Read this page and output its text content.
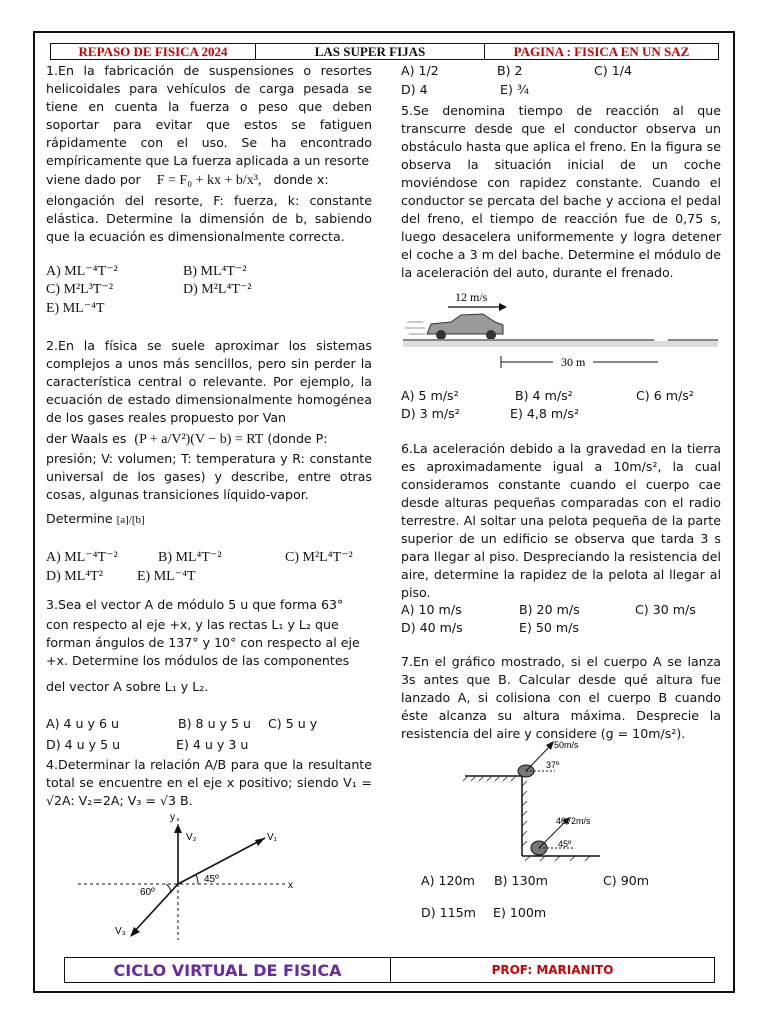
REPASO DE FISICA 2024	LAS SUPER FIJAS	PAGINA : FISICA EN UN SAZ
1.En la fabricación de suspensiones o resortes helicoidales para vehículos de carga pesada se tiene en cuenta la fuerza o peso que deben soportar para evitar que estos se fatiguen rápidamente con el uso. Se ha encontrado empíricamente que La fuerza aplicada a un resorte
viene dado por F = F₀ + kx + b/x³, donde x:
elongación del resorte, F: fuerza, k: constante elástica. Determine la dimensión de b, sabiendo que la ecuación es dimensionalmente correcta.
A) ML⁻⁴T⁻²	B) ML⁴T⁻²
C) M²L³T⁻²	D) M²L⁴T⁻²
E) ML⁻⁴T
2.En la física se suele aproximar los sistemas complejos a unos más sencillos, pero sin perder la característica central o relevante. Por ejemplo, la ecuación de estado dimensionalmente homogénea de los gases reales propuesto por Van
der Waals es (P + a/V²)(V − b) = RT (donde P:
presión; V: volumen; T: temperatura y R: constante universal de los gases) y describe, entre otras cosas, algunas transiciones líquido-vapor.
Determine [a]/[b]
A) ML⁻⁴T⁻²	B) ML⁴T⁻²	C) M²L⁴T⁻²
D) ML⁴T² E) ML⁻⁴T
3.Sea el vector A de módulo 5 u que forma 63°
con respecto al eje +x, y las rectas L₁ y L₂ que
forman ángulos de 137° y 10° con respecto al eje
+x. Determine los módulos de las componentes
del vector A sobre L₁ y L₂.
A) 4 u y 6 u	B) 8 u y 5 u C) 5 u y
D) 4 u y 5 u	E) 4 u y 3 u
4.Determinar la relación A/B para que la resultante total se encuentre en el eje x positivo; siendo V₁ = √2A: V₂=2A; V₃ = √3 B.
y
x
V₁
V₂
V₃
45º
60º
A) 1/2	B) 2	C) 1/4
D) 4	E) ¾
5.Se denomina tiempo de reacción al que transcurre desde que el conductor observa un obstáculo hasta que aplica el freno. En la figura se observa la situación inicial de un coche moviéndose con rapidez constante. Cuando el conductor se percata del bache y acciona el pedal del freno, el tiempo de reacción fue de 0,75 s, luego desacelera uniformemente y logra detener el coche a 3 m del bache. Determine el módulo de la aceleración del auto, durante el frenado.
12 m/s
30 m
A) 5 m/s²	B) 4 m/s²	C) 6 m/s²
D) 3 m/s²	E) 4,8 m/s²
6.La aceleración debido a la gravedad en la tierra es aproximadamente igual a 10m/s², la cual consideramos constante cuando el cuerpo cae desde alturas pequeñas comparadas con el radio terrestre. Al soltar una pelota pequeña de la parte superior de un edificio se observa que tarda 3 s para llegar al piso. Despreciando la resistencia del aire, determine la rapidez de la pelota al llegar al piso.
A) 10 m/s	B) 20 m/s	C) 30 m/s
D) 40 m/s	E) 50 m/s
7.En el gráfico mostrado, si el cuerpo A se lanza 3s antes que B. Calcular desde qué altura fue lanzado A, si colisiona con el cuerpo B cuando éste alcanza su altura máxima. Desprecie la resistencia del aire y considere (g = 10m/s²).
50m/s
37º
40√2m/s
45º
A) 120m B) 130m	C) 90m
D) 115m E) 100m
CICLO VIRTUAL DE FISICA	PROF: MARIANITO
